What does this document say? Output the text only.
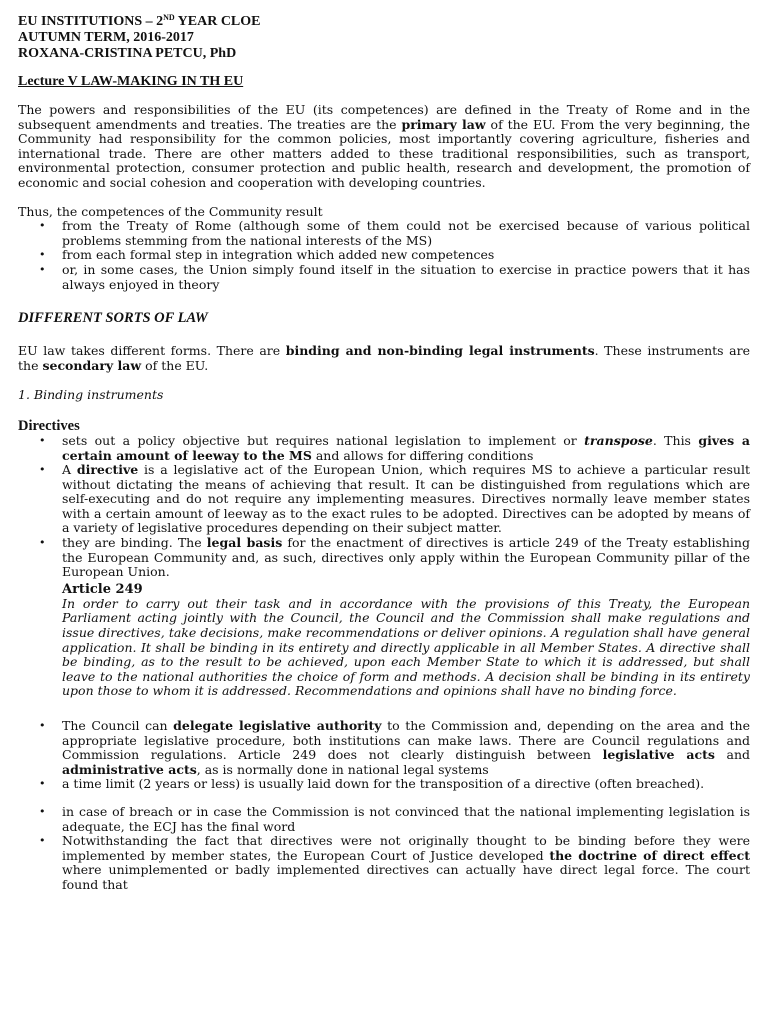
EU INSTITUTIONS – 2ND YEAR CLOE
AUTUMN TERM, 2016-2017
ROXANA-CRISTINA PETCU, PhD
Lecture V LAW-MAKING IN TH EU

The powers and responsibilities of the EU (its competences) are defined in the Treaty of Rome and in the subsequent amendments and treaties. The treaties are the primary law of the EU. From the very beginning, the Community had responsibility for the common policies, most importantly covering agriculture, fisheries and international trade. There are other matters added to these traditional responsibilities, such as transport, environmental protection, consumer protection and public health, research and development, the promotion of economic and social cohesion and cooperation with developing countries.

Thus, the competences of the Community result

• from the Treaty of Rome (although some of them could not be exercised because of various political problems stemming from the national interests of the MS)
• from each formal step in integration which added new competences
• or, in some cases, the Union simply found itself in the situation to exercise in practice powers that it has always enjoyed in theory
DIFFERENT SORTS OF LAW

EU law takes different forms. There are binding and non-binding legal instruments. These instruments are the secondary law of the EU.

1. Binding instruments

Directives
• sets out a policy objective but requires national legislation to implement or transpose. This gives a certain amount of leeway to the MS and allows for differing conditions
• A directive is a legislative act of the European Union, which requires MS to achieve a particular result without dictating the means of achieving that result. It can be distinguished from regulations which are self-executing and do not require any implementing measures. Directives normally leave member states with a certain amount of leeway as to the exact rules to be adopted. Directives can be adopted by means of a variety of legislative procedures depending on their subject matter.
• they are binding. The legal basis for the enactment of directives is article 249 of the Treaty establishing the European Community and, as such, directives only apply within the European Community pillar of the European Union.
Article 249
In order to carry out their task and in accordance with the provisions of this Treaty, the European Parliament acting jointly with the Council, the Council and the Commission shall make regulations and issue directives, take decisions, make recommendations or deliver opinions. A regulation shall have general application. It shall be binding in its entirety and directly applicable in all Member States. A directive shall be binding, as to the result to be achieved, upon each Member State to which it is addressed, but shall leave to the national authorities the choice of form and methods. A decision shall be binding in its entirety upon those to whom it is addressed. Recommendations and opinions shall have no binding force.
• The Council can delegate legislative authority to the Commission and, depending on the area and the appropriate legislative procedure, both institutions can make laws. There are Council regulations and Commission regulations. Article 249 does not clearly distinguish between legislative acts and administrative acts, as is normally done in national legal systems
• a time limit (2 years or less) is usually laid down for the transposition of a directive (often breached).
• in case of breach or in case the Commission is not convinced that the national implementing legislation is adequate, the ECJ has the final word
• Notwithstanding the fact that directives were not originally thought to be binding before they were implemented by member states, the European Court of Justice developed the doctrine of direct effect where unimplemented or badly implemented directives can actually have direct legal force. The court found that
